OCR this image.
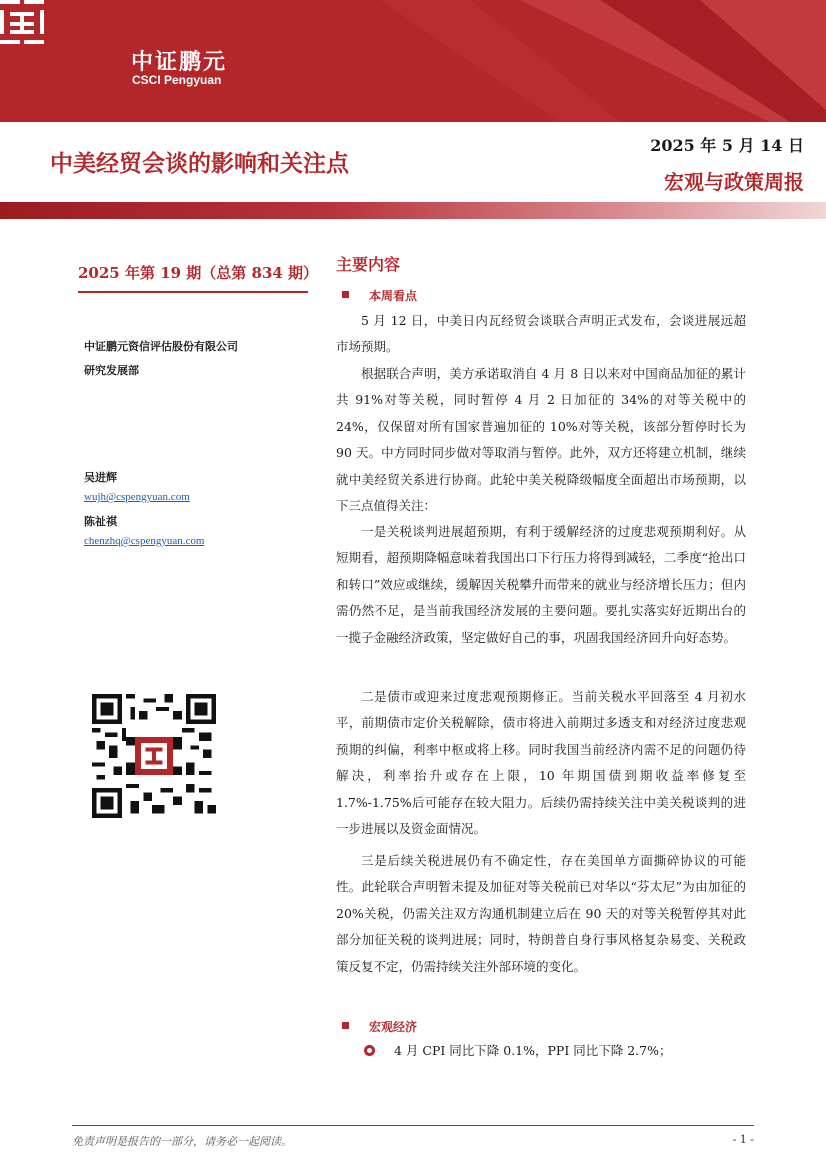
中证鹏元
CSCI Pengyuan
中美经贸会谈的影响和关注点
2025 年 5 月 14 日
宏观与政策周报
2025 年第 19 期（总第 834 期）
中证鹏元资信评估股份有限公司
研究发展部
吴进辉
wujh@cspengyuan.com
陈祉祺
chenzhq@cspengyuan.com
主要内容
本周看点

5 月 12 日，中美日内瓦经贸会谈联合声明正式发布，会谈进展远超市场预期。

根据联合声明，美方承诺取消自 4 月 8 日以来对中国商品加征的累计共 91%对等关税，同时暂停 4 月 2 日加征的 34%的对等关税中的 24%，仅保留对所有国家普遍加征的 10%对等关税，该部分暂停时长为 90 天。中方同时同步做对等取消与暂停。此外，双方还将建立机制，继续就中美经贸关系进行协商。此轮中美关税降级幅度全面超出市场预期，以下三点值得关注：

一是关税谈判进展超预期，有利于缓解经济的过度悲观预期利好。从短期看，超预期降幅意味着我国出口下行压力将得到减轻，二季度“抢出口和转口”效应或继续，缓解因关税攀升而带来的就业与经济增长压力；但内需仍然不足，是当前我国经济发展的主要问题。要扎实落实好近期出台的一揽子金融经济政策，坚定做好自己的事，巩固我国经济回升向好态势。

二是债市或迎来过度悲观预期修正。当前关税水平回落至 4 月初水平，前期债市定价关税解除，债市将进入前期过多透支和对经济过度悲观预期的纠偏，利率中枢或将上移。同时我国当前经济内需不足的问题仍待解决，利率抬升或存在上限，10 年期国债到期收益率修复至 1.7%-1.75%后可能存在较大阻力。后续仍需持续关注中美关税谈判的进一步进展以及资金面情况。

三是后续关税进展仍有不确定性，存在美国单方面撕碎协议的可能性。此轮联合声明暂未提及加征对等关税前已对华以“芬太尼”为由加征的 20%关税，仍需关注双方沟通机制建立后在 90 天的对等关税暂停其对此部分加征关税的谈判进展；同时，特朗普自身行事风格复杂易变、关税政策反复不定，仍需持续关注外部环境的变化。

宏观经济
4 月 CPI 同比下降 0.1%，PPI 同比下降 2.7%；
免责声明是报告的一部分，请务必一起阅读。	- 1 -
